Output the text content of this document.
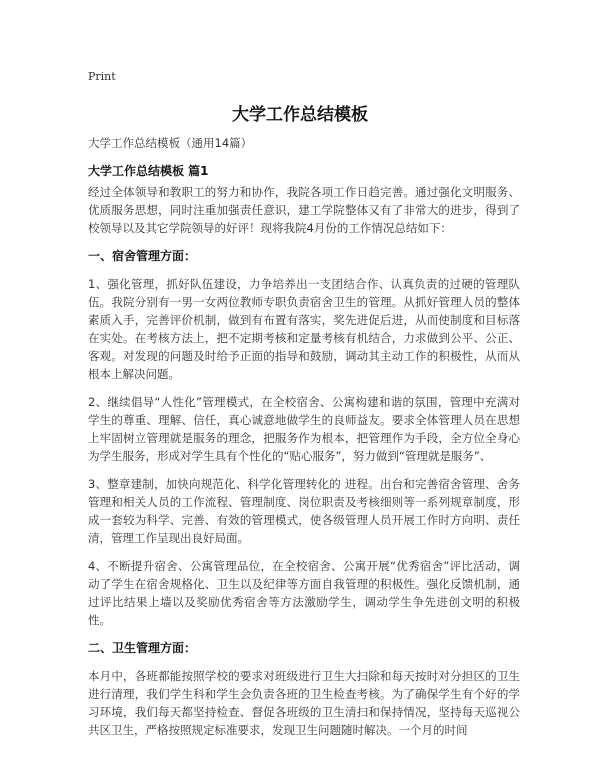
Print
大学工作总结模板
大学工作总结模板（通用14篇）
大学工作总结模板 篇1

经过全体领导和教职工的努力和协作，我院各项工作日趋完善。通过强化文明服务、优质服务思想，同时注重加强责任意识，建工学院整体又有了非常大的进步，得到了校领导以及其它学院领导的好评！现将我院4月份的工作情况总结如下：

一、宿舍管理方面：

1、强化管理，抓好队伍建设，力争培养出一支团结合作、认真负责的过硬的管理队伍。我院分别有一男一女两位教师专职负责宿舍卫生的管理。从抓好管理人员的整体素质入手，完善评价机制，做到有布置有落实，奖先进促后进，从而使制度和目标落在实处。在考核方法上，把不定期考核和定量考核有机结合，力求做到公平、公正、客观。对发现的问题及时给予正面的指导和鼓励，调动其主动工作的积极性，从而从根本上解决问题。

2、继续倡导“人性化”管理模式，在全校宿舍、公寓构建和谐的氛围，管理中充满对学生的尊重、理解、信任，真心诚意地做学生的良师益友。要求全体管理人员在思想上牢固树立管理就是服务的理念，把服务作为根本，把管理作为手段，全方位全身心为学生服务，形成对学生具有个性化的“贴心服务”，努力做到“管理就是服务”、

3、整章建制，加快向规范化、科学化管理转化的 进程。出台和完善宿舍管理、舍务管理和相关人员的工作流程、管理制度、岗位职责及考核细则等一系列规章制度，形成一套较为科学、完善、有效的管理模式，使各级管理人员开展工作时方向明、责任清，管理工作呈现出良好局面。

4、不断提升宿舍、公寓管理品位，在全校宿舍、公寓开展“优秀宿舍”评比活动，调动了学生在宿舍规格化、卫生以及纪律等方面自我管理的积极性。强化反馈机制，通过评比结果上墙以及奖励优秀宿舍等方法激励学生，调动学生争先进创文明的积极性。

二、卫生管理方面：

本月中，各班都能按照学校的要求对班级进行卫生大扫除和每天按时对分担区的卫生进行清理，我们学生科和学生会负责各班的卫生检查考核。为了确保学生有个好的学习环境，我们每天都坚持检查、督促各班级的卫生清扫和保持情况，坚持每天巡视公共区卫生，严格按照规定标准要求，发现卫生问题随时解决。一个月的时间
